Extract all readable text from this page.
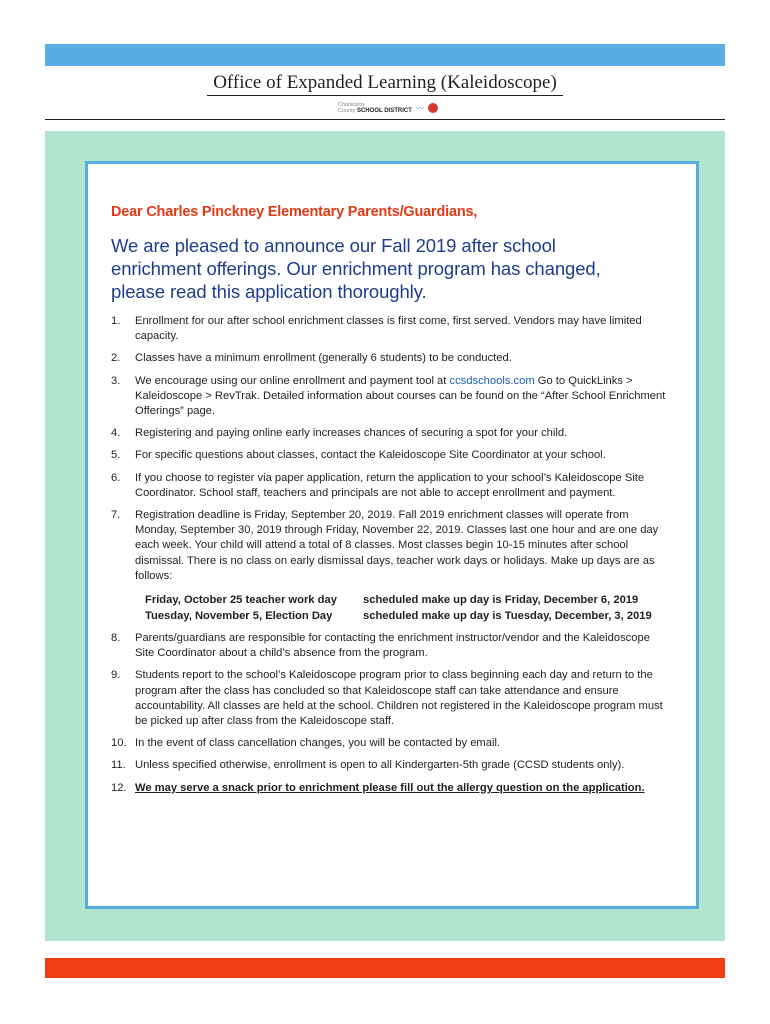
Office of Expanded Learning (Kaleidoscope)
Charleston
County SCHOOL DISTRICT 〰
Dear Charles Pinckney Elementary Parents/Guardians,
We are pleased to announce our Fall 2019 after school enrichment offerings. Our enrichment program has changed, please read this application thoroughly.
1. Enrollment for our after school enrichment classes is first come, first served. Vendors may have limited capacity.
2. Classes have a minimum enrollment (generally 6 students) to be conducted.
3. We encourage using our online enrollment and payment tool at ccsdschools.com Go to QuickLinks > Kaleidoscope > RevTrak. Detailed information about courses can be found on the “After School Enrichment Offerings” page.
4. Registering and paying online early increases chances of securing a spot for your child.
5. For specific questions about classes, contact the Kaleidoscope Site Coordinator at your school.
6. If you choose to register via paper application, return the application to your school’s Kaleidoscope Site Coordinator. School staff, teachers and principals are not able to accept enrollment and payment.
7. Registration deadline is Friday, September 20, 2019. Fall 2019 enrichment classes will operate from Monday, September 30, 2019 through Friday, November 22, 2019. Classes last one hour and are one day each week. Your child will attend a total of 8 classes. Most classes begin 10-15 minutes after school dismissal. There is no class on early dismissal days, teacher work days or holidays. Make up days are as follows:
Friday, October 25 teacher work day	scheduled make up day is Friday, December 6, 2019
Tuesday, November 5, Election Day	scheduled make up day is Tuesday, December, 3, 2019
8. Parents/guardians are responsible for contacting the enrichment instructor/vendor and the Kaleidoscope Site Coordinator about a child’s absence from the program.
9. Students report to the school’s Kaleidoscope program prior to class beginning each day and return to the program after the class has concluded so that Kaleidoscope staff can take attendance and ensure accountability. All classes are held at the school. Children not registered in the Kaleidoscope program must be picked up after class from the Kaleidoscope staff.
10. In the event of class cancellation changes, you will be contacted by email.
11. Unless specified otherwise, enrollment is open to all Kindergarten-5th grade (CCSD students only).
12. We may serve a snack prior to enrichment please fill out the allergy question on the application.
